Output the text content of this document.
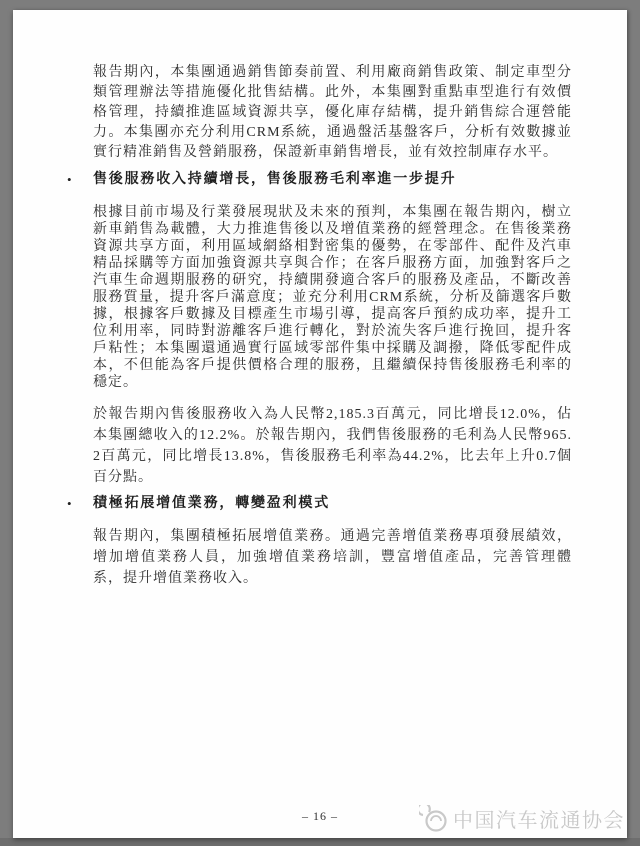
報告期內，本集團通過銷售節奏前置、利用廠商銷售政策、制定車型分類管理辦法等措施優化批售結構。此外，本集團對重點車型進行有效價格管理，持續推進區域資源共享，優化庫存結構，提升銷售綜合運營能力。本集團亦充分利用CRM系統，通過盤活基盤客戶，分析有效數據並實行精准銷售及營銷服務，保證新車銷售增長，並有效控制庫存水平。

• 售後服務收入持續增長，售後服務毛利率進一步提升

根據目前市場及行業發展現狀及未來的預判，本集團在報告期內，樹立新車銷售為載體，大力推進售後以及增值業務的經營理念。在售後業務資源共享方面，利用區域網絡相對密集的優勢，在零部件、配件及汽車精品採購等方面加強資源共享與合作；在客戶服務方面，加強對客戶之汽車生命週期服務的研究，持續開發適合客戶的服務及產品，不斷改善服務質量，提升客戶滿意度；並充分利用CRM系統，分析及篩選客戶數據，根據客戶數據及目標產生市場引導，提高客戶預約成功率，提升工位利用率，同時對游離客戶進行轉化，對於流失客戶進行挽回，提升客戶粘性；本集團還通過實行區域零部件集中採購及調撥，降低零配件成本，不但能為客戶提供價格合理的服務，且繼續保持售後服務毛利率的穩定。

於報告期內售後服務收入為人民幣2,185.3百萬元，同比增長12.0%，佔本集團總收入的12.2%。於報告期內，我們售後服務的毛利為人民幣965.2百萬元，同比增長13.8%，售後服務毛利率為44.2%，比去年上升0.7個百分點。

• 積極拓展增值業務，轉變盈利模式

報告期內，集團積極拓展增值業務。通過完善增值業務專項發展績效，增加增值業務人員，加強增值業務培訓，豐富增值產品，完善管理體系，提升增值業務收入。

– 16 –	中国汽车流通协会
